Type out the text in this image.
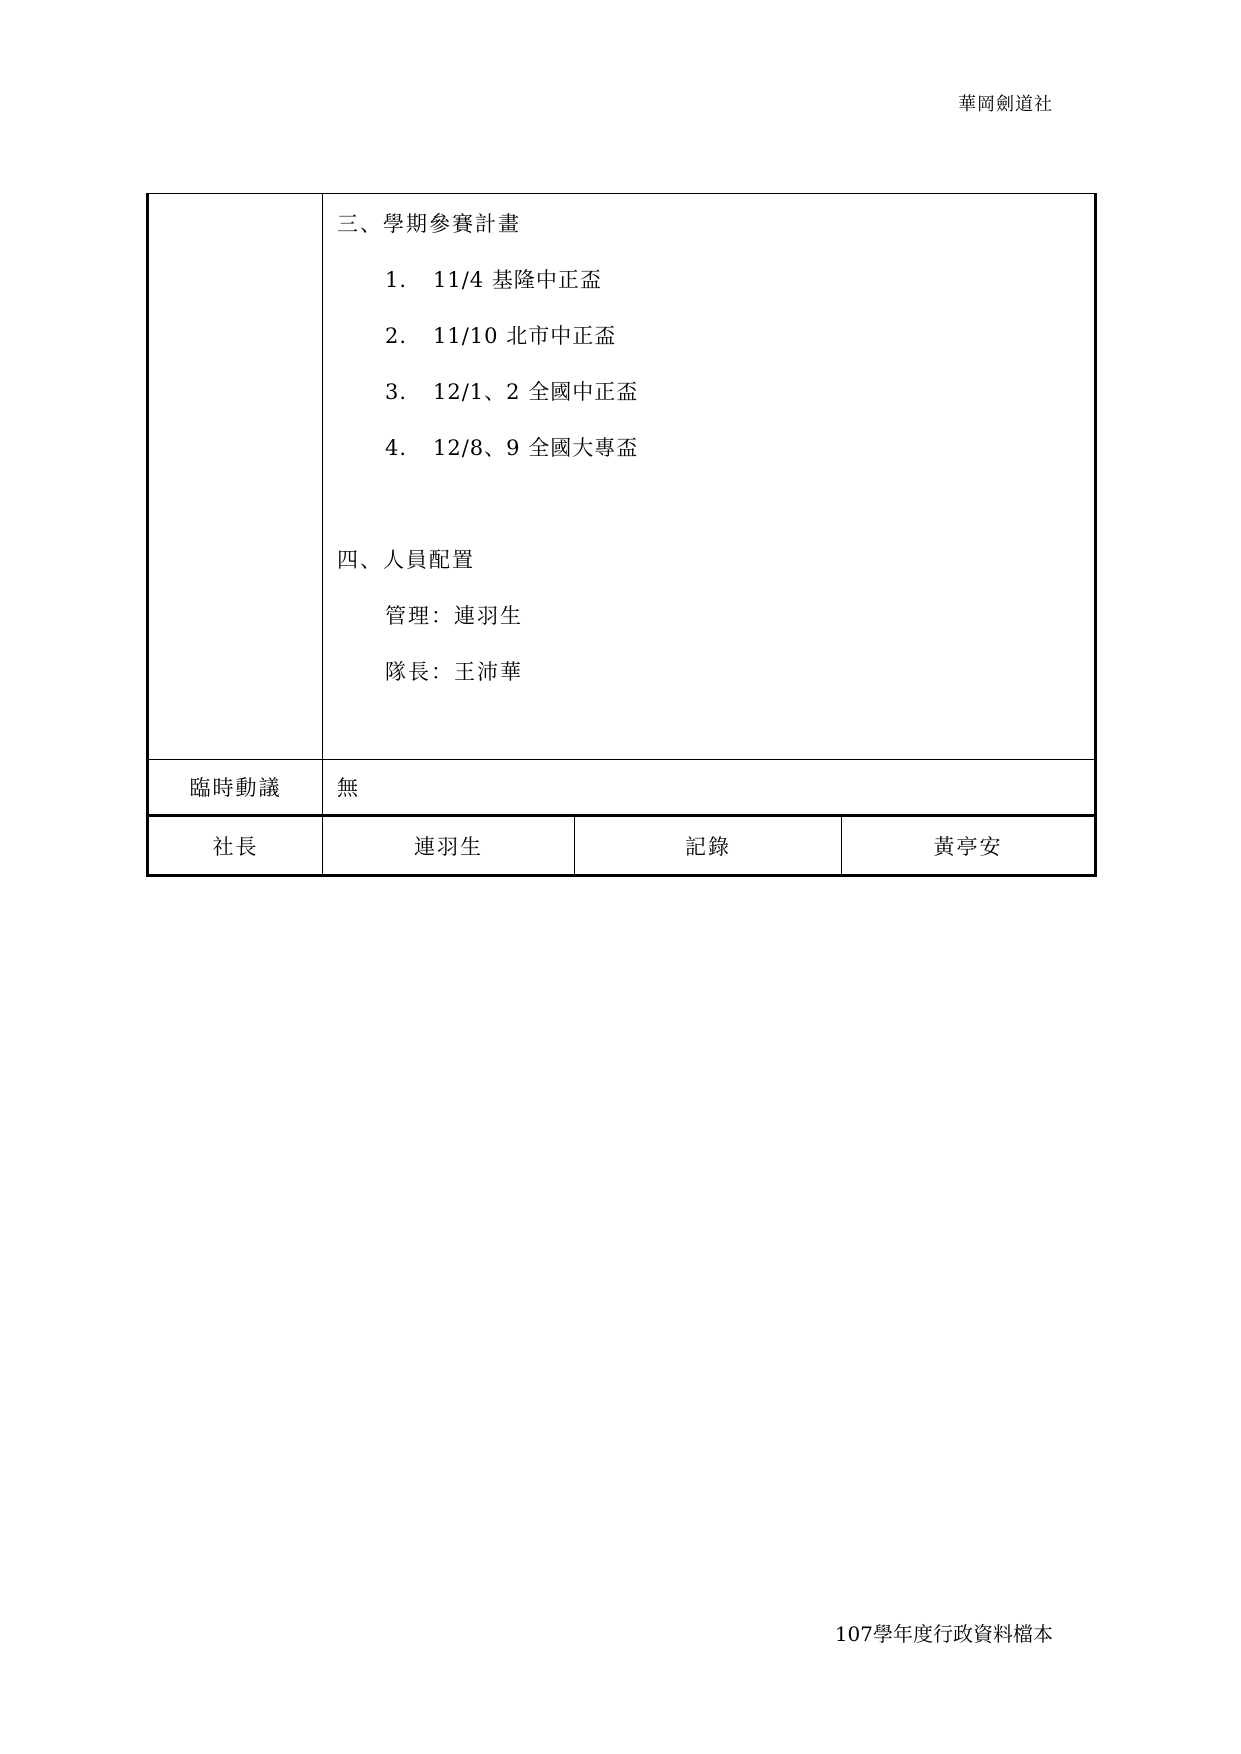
華岡劍道社
三、學期參賽計畫
1. 11/4 基隆中正盃
2. 11/10 北市中正盃
3. 12/1、2 全國中正盃
4. 12/8、9 全國大專盃
四、人員配置
管理：連羽生
隊長：王沛華
臨時動議	無
社長	連羽生	記錄	黃亭安
107學年度行政資料檔本
